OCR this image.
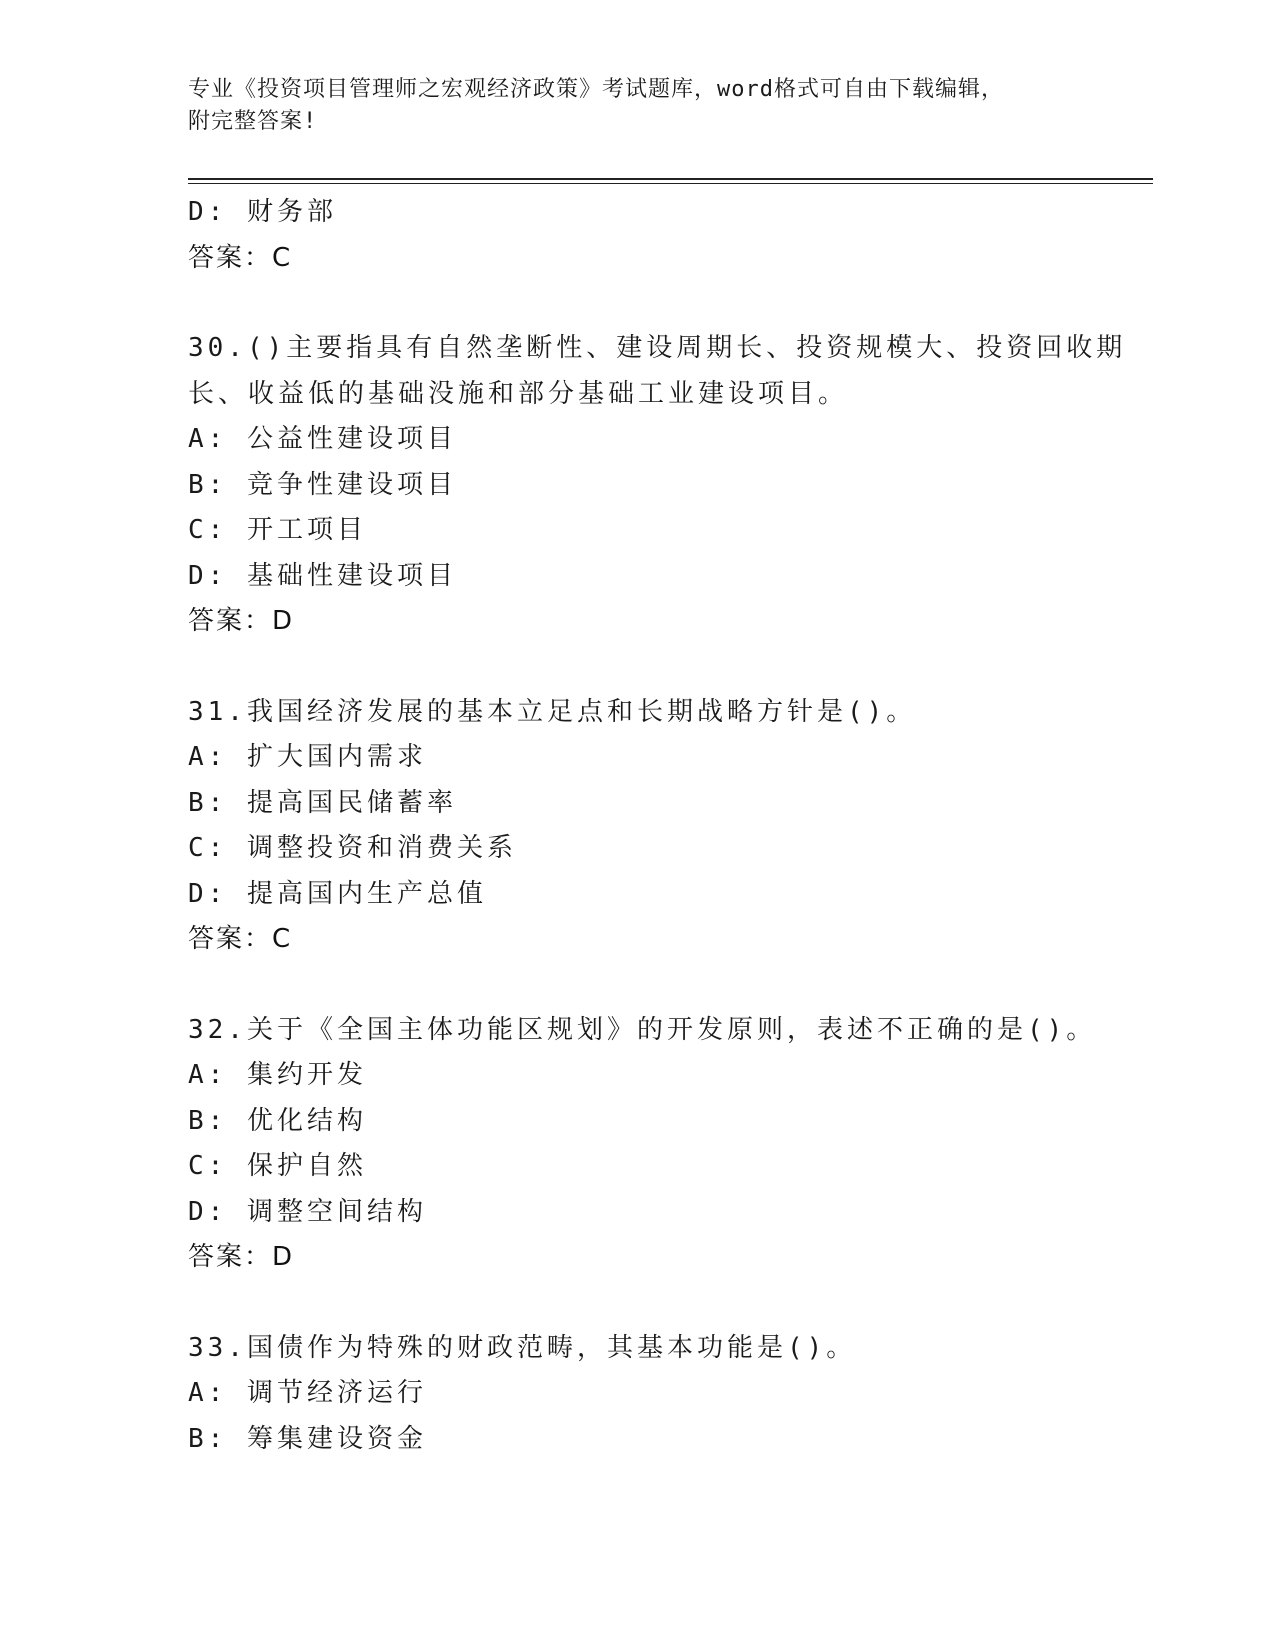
专业《投资项目管理师之宏观经济政策》考试题库，word格式可自由下载编辑，
附完整答案!
D: 财务部
答案：C
30.()主要指具有自然垄断性、建设周期长、投资规模大、投资回收期
长、收益低的基础没施和部分基础工业建设项目。
A: 公益性建设项目
B: 竞争性建设项目
C: 开工项目
D: 基础性建设项目
答案：D
31.我国经济发展的基本立足点和长期战略方针是()。
A: 扩大国内需求
B: 提高国民储蓄率
C: 调整投资和消费关系
D: 提高国内生产总值
答案：C
32.关于《全国主体功能区规划》的开发原则，表述不正确的是()。
A: 集约开发
B: 优化结构
C: 保护自然
D: 调整空间结构
答案：D
33.国债作为特殊的财政范畴，其基本功能是()。
A: 调节经济运行
B: 筹集建设资金
